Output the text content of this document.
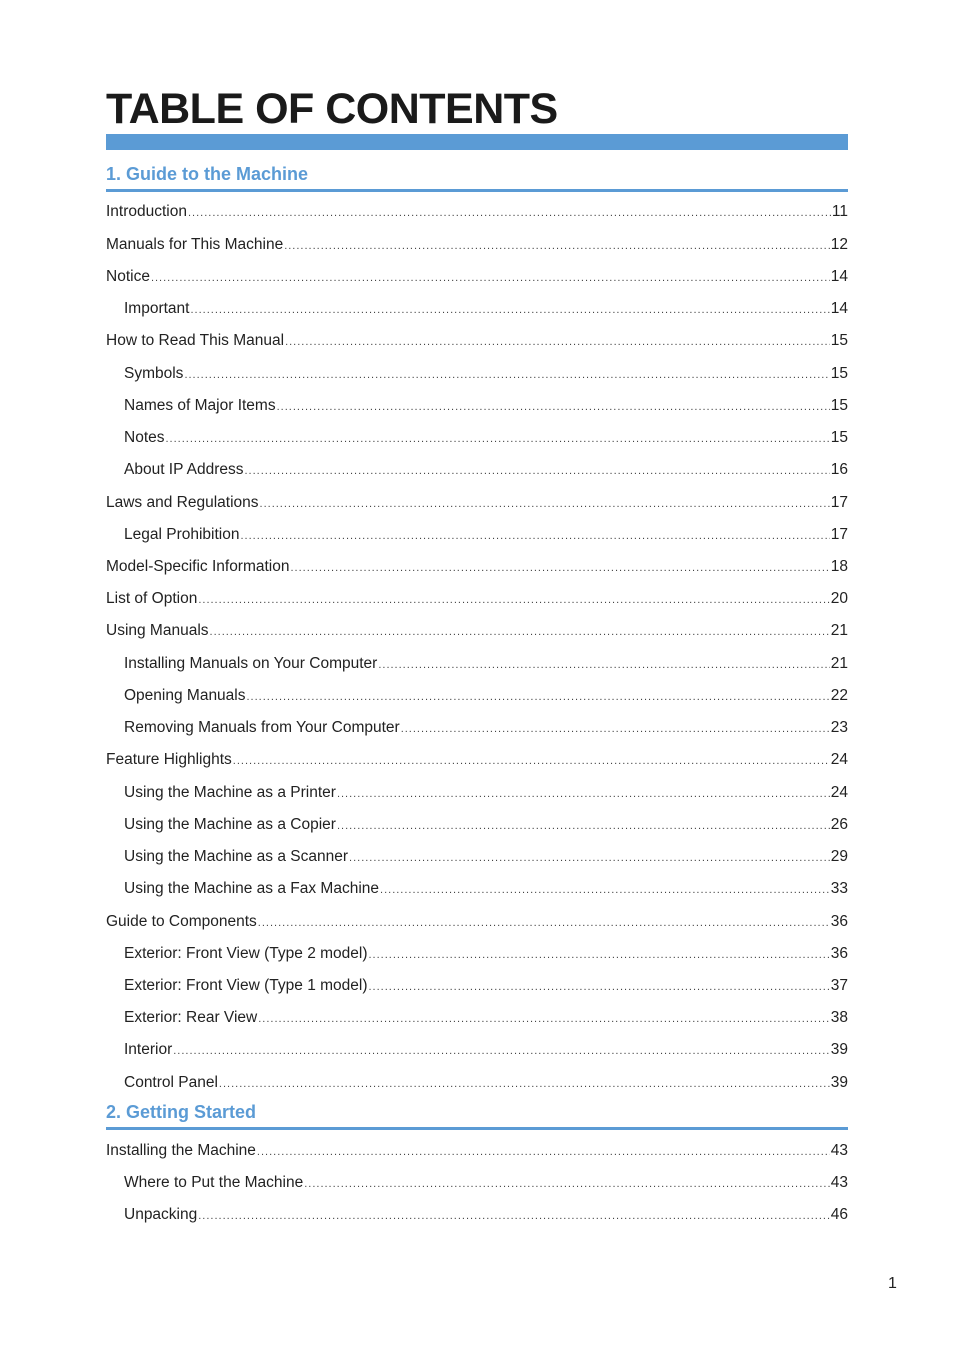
TABLE OF CONTENTS
1. Guide to the Machine
Introduction .....	11
Manuals for This Machine .....	12
Notice .....	14
Important .....	14
How to Read This Manual .....	15
Symbols .....	15
Names of Major Items .....	15
Notes .....	15
About IP Address .....	16
Laws and Regulations .....	17
Legal Prohibition .....	17
Model-Specific Information .....	18
List of Option .....	20
Using Manuals .....	21
Installing Manuals on Your Computer .....	21
Opening Manuals .....	22
Removing Manuals from Your Computer .....	23
Feature Highlights .....	24
Using the Machine as a Printer .....	24
Using the Machine as a Copier .....	26
Using the Machine as a Scanner .....	29
Using the Machine as a Fax Machine .....	33
Guide to Components .....	36
Exterior: Front View (Type 2 model) .....	36
Exterior: Front View (Type 1 model) .....	37
Exterior: Rear View .....	38
Interior .....	39
Control Panel .....	39
2. Getting Started
Installing the Machine .....	43
Where to Put the Machine .....	43
Unpacking .....	46
1
